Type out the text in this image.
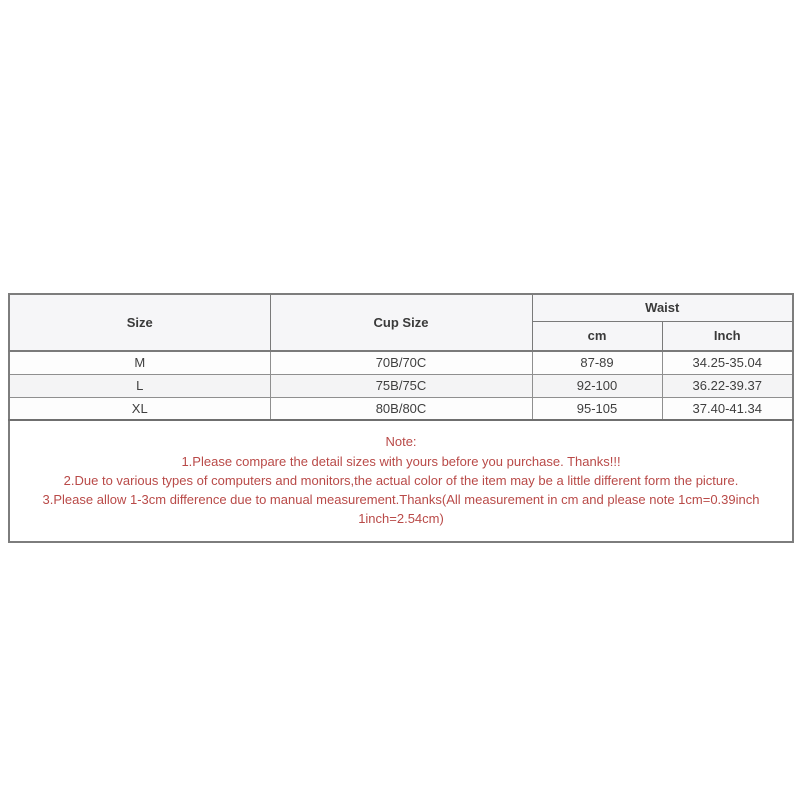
Size	Cup Size	Waist	
		cm	Inch
M	70B/70C	87-89	34.25-35.04
L	75B/75C	92-100	36.22-39.37
XL	80B/80C	95-105	37.40-41.34

Note:
1.Please compare the detail sizes with yours before you purchase. Thanks!!!
2.Due to various types of computers and monitors,the actual color of the item may be a little different form the picture.
3.Please allow 1-3cm difference due to manual measurement.Thanks(All measurement in cm and please note 1cm=0.39inch 1inch=2.54cm)			
